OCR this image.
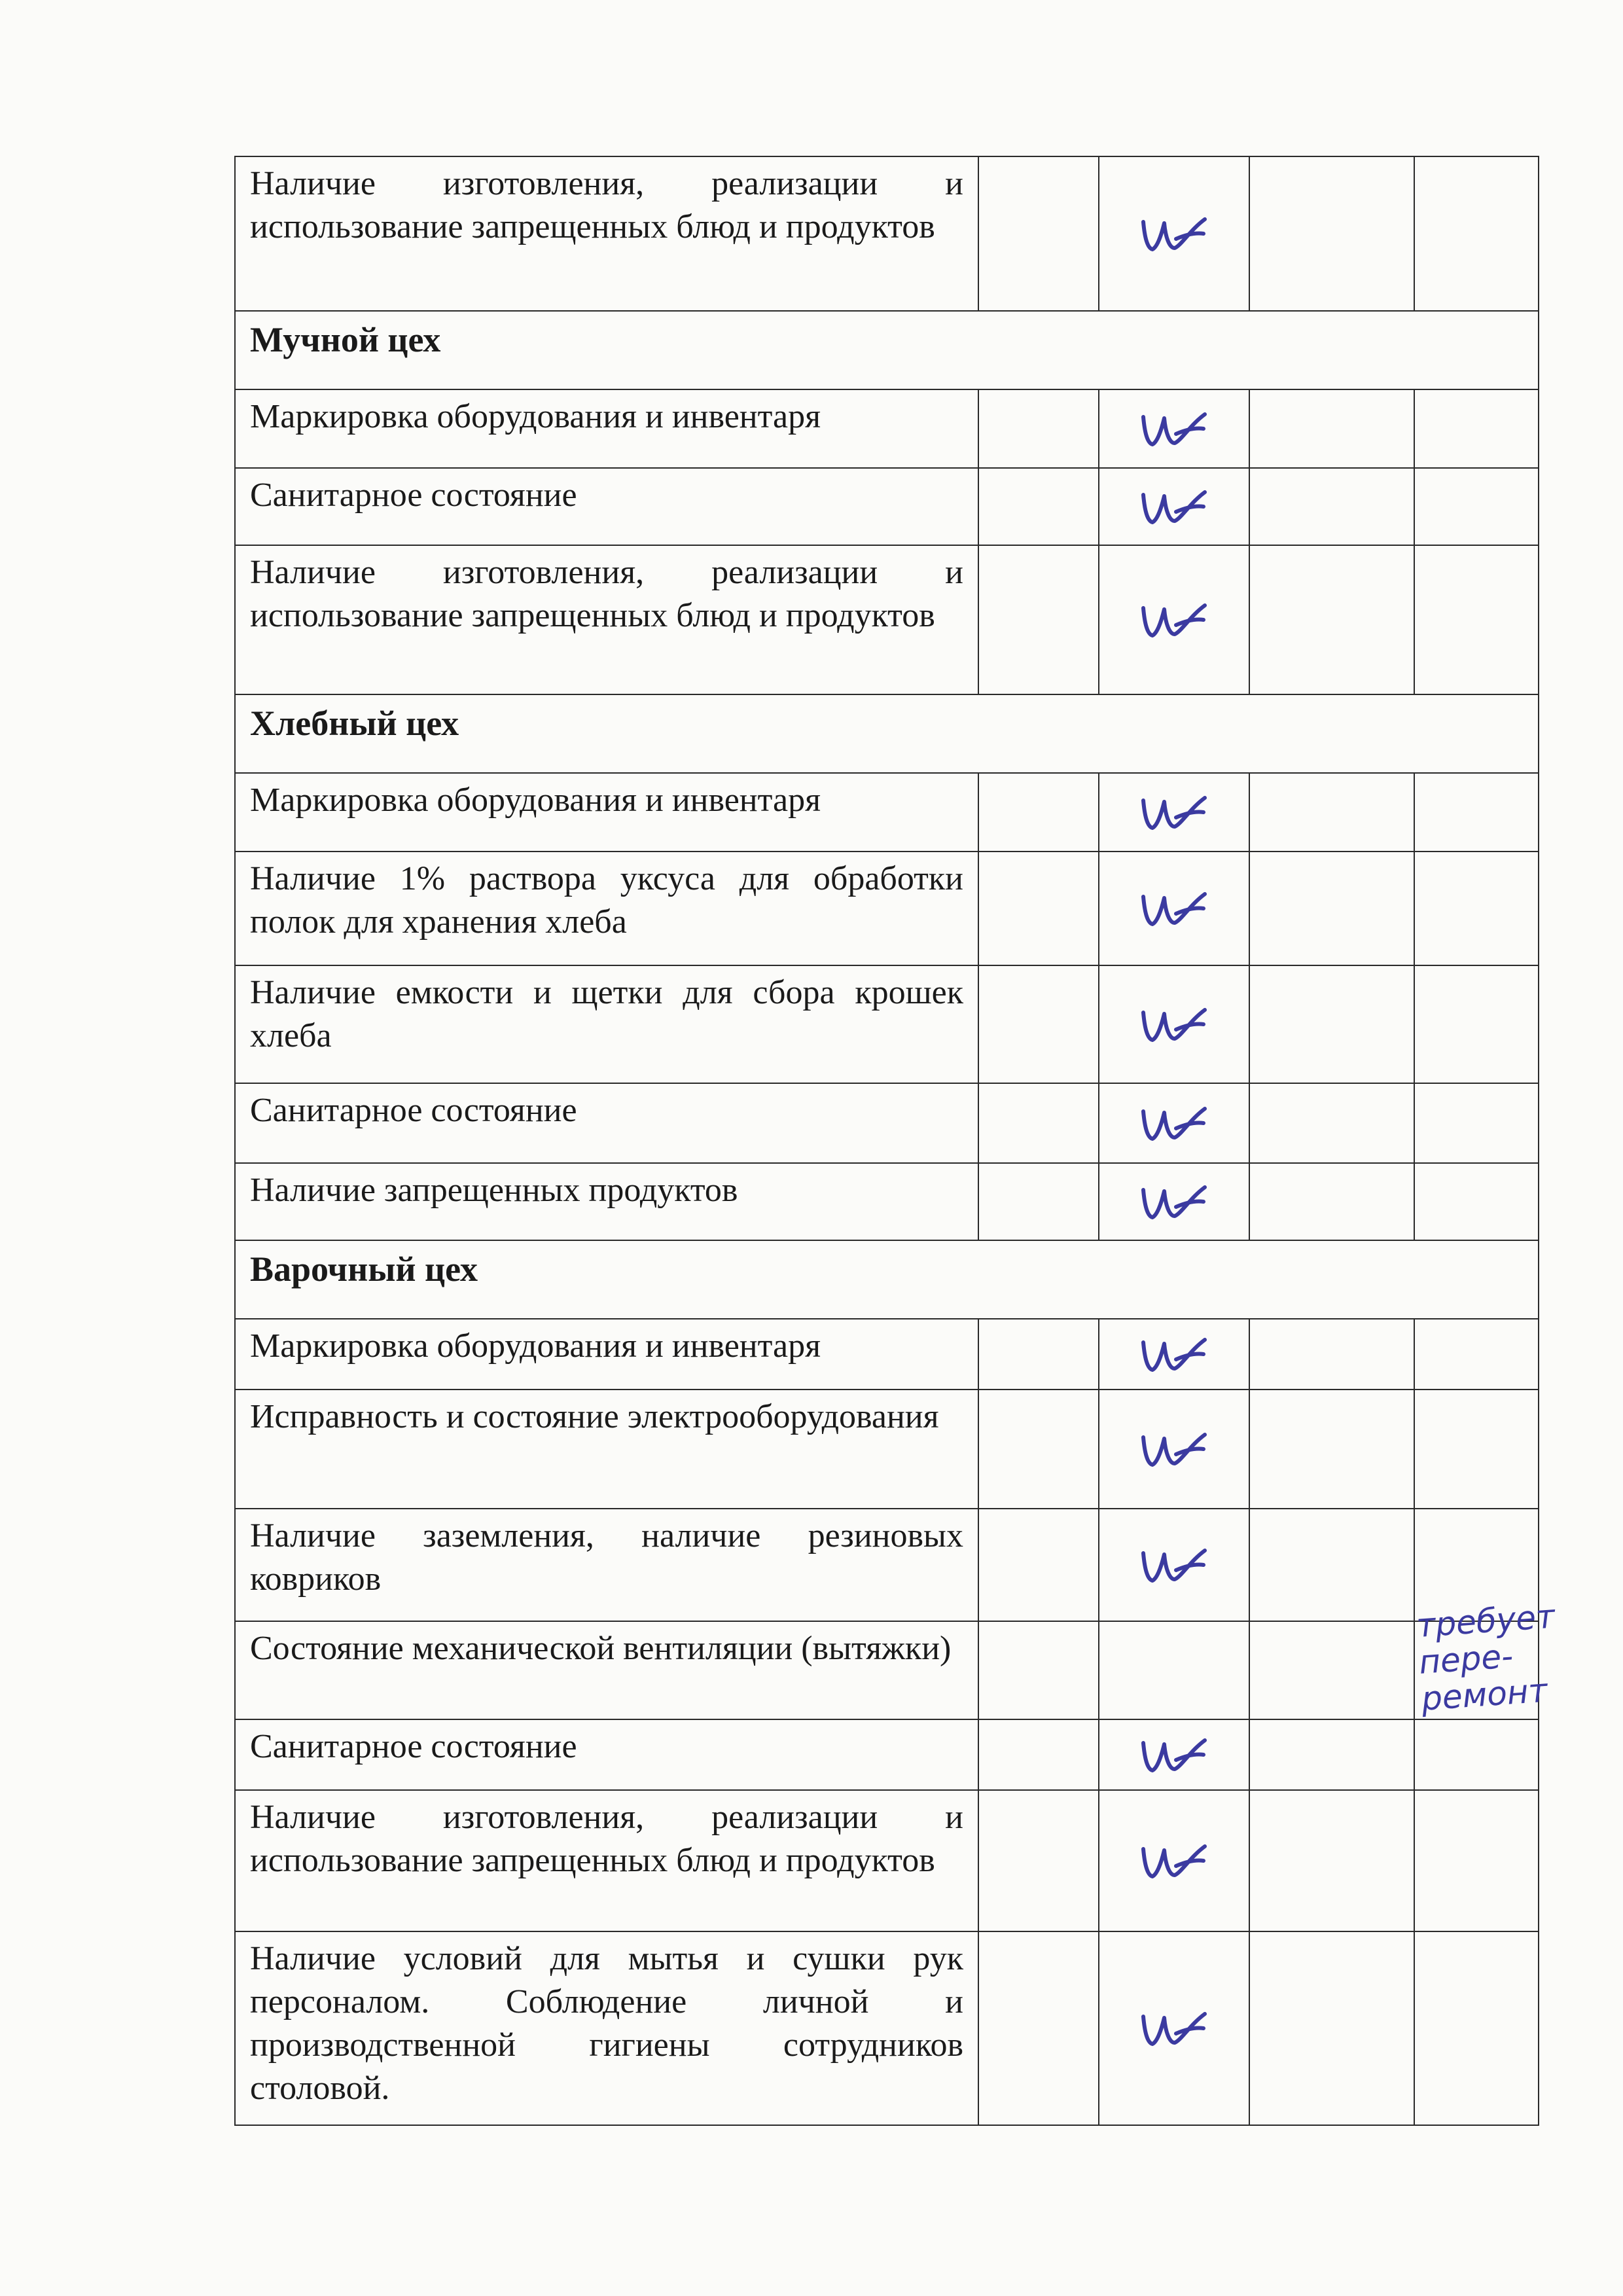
Наличие изготовления, реализации и использование запрещенных блюд и продуктов		

Мучной цех				
Маркировка оборудования и инвентаря		

Санитарное состояние		

Наличие изготовления, реализации и использование запрещенных блюд и продуктов		

Хлебный цех				
Маркировка оборудования и инвентаря		

Наличие 1% раствора уксуса для обработки полок для хранения хлеба		

Наличие емкости и щетки для сбора крошек хлеба		

Санитарное состояние		

Наличие запрещенных продуктов		

Варочный цех				
Маркировка оборудования и инвентаря		

Исправность и состояние электрооборудования		

Наличие заземления, наличие резиновых ковриков		

Состояние механической вентиляции (вытяжки)				требует
пере-
ремонт

Санитарное состояние		

Наличие изготовления, реализации и использование запрещенных блюд и продуктов		

Наличие условий для мытья и сушки рук персоналом. Соблюдение личной и производственной гигиены сотрудников столовой.		
